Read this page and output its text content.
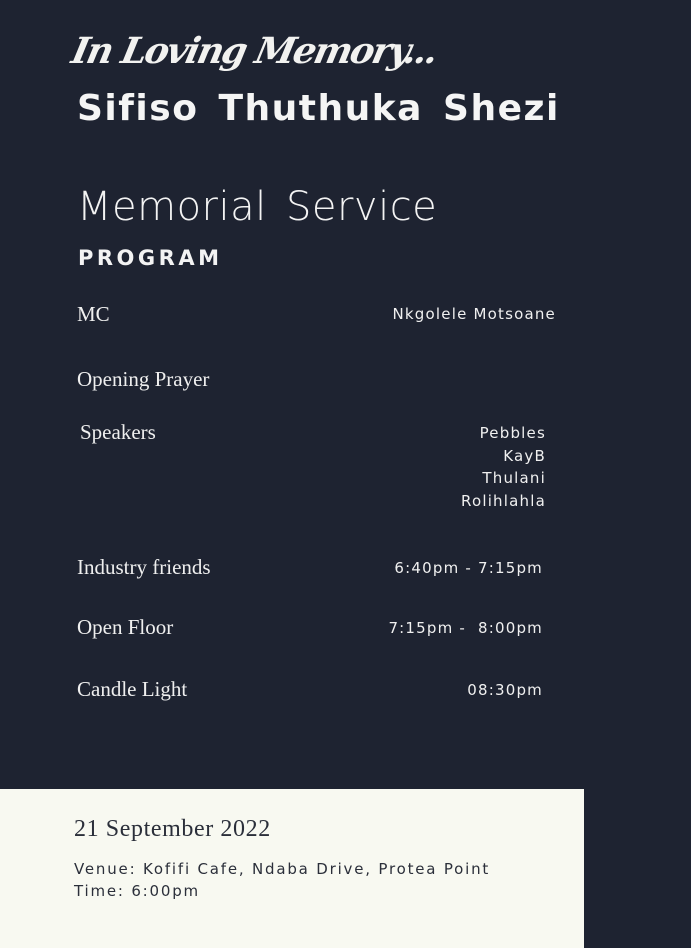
In Loving Memory...
Sifiso Thuthuka Shezi
Memorial Service
PROGRAM
MC	Nkgolele Motsoane
Opening Prayer
Speakers	Pebbles
KayB
Thulani
Rolihlahla
Industry friends	6:40pm - 7:15pm
Open Floor	7:15pm -  8:00pm
Candle Light	08:30pm
21 September 2022
Venue: Kofifi Cafe, Ndaba Drive, Protea Point
Time: 6:00pm
